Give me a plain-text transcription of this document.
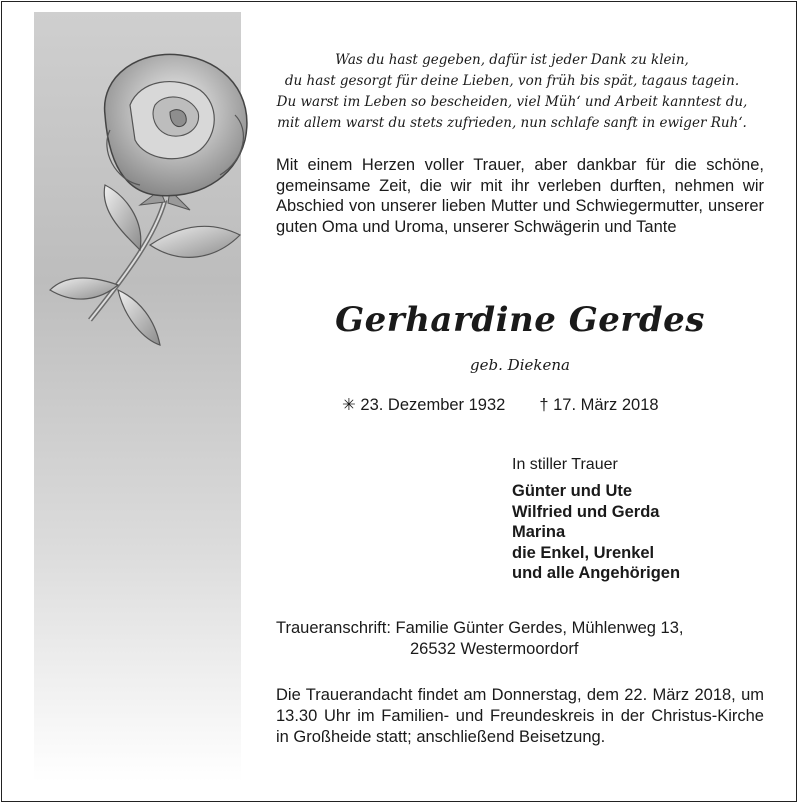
Was du hast gegeben, dafür ist jeder Dank zu klein,
du hast gesorgt für deine Lieben, von früh bis spät, tagaus tagein.
Du warst im Leben so bescheiden, viel Müh‘ und Arbeit kanntest du,
mit allem warst du stets zufrieden, nun schlafe sanft in ewiger Ruh‘.
Mit einem Herzen voller Trauer, aber dankbar für die schöne, gemeinsame Zeit, die wir mit ihr verleben durften, nehmen wir Abschied von unserer lieben Mutter und Schwiegermutter, unserer guten Oma und Uroma, unserer Schwägerin und Tante
Gerhardine Gerdes
geb. Diekena
✳ 23. Dezember 1932 † 17. März 2018
In stiller Trauer
Günter und Ute
Wilfried und Gerda
Marina
die Enkel, Urenkel
und alle Angehörigen
Traueranschrift: Familie Günter Gerdes, Mühlenweg 13,
26532 Westermoordorf
Die Trauerandacht findet am Donnerstag, dem 22. März 2018, um 13.30 Uhr im Familien- und Freundeskreis in der Christus-Kirche in Großheide statt; anschließend Beisetzung.
